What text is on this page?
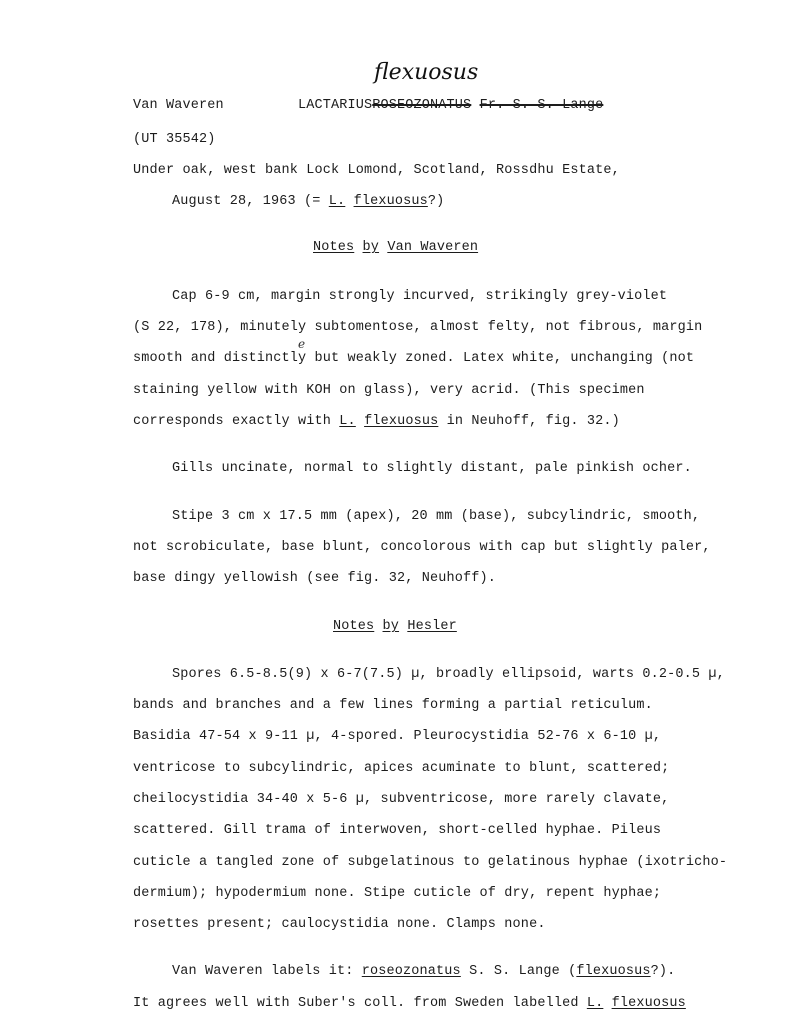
flexuosus
Van Waveren	LACTARIUSROSEOZONATUS Fr. S. S. Lange
(UT 35542)
Under oak, west bank Lock Lomond, Scotland, Rossdhu Estate,
August 28, 1963 (= L. flexuosus?)
Notes by Van Waveren
Cap 6-9 cm, margin strongly incurved, strikingly grey-violet
(S 22, 178), minutely subtomentose, almost felty, not fibrous, margin
e
smooth and distinctly but weakly zoned. Latex white, unchanging (not
staining yellow with KOH on glass), very acrid. (This specimen
corresponds exactly with L. flexuosus in Neuhoff, fig. 32.)
Gills uncinate, normal to slightly distant, pale pinkish ocher.
Stipe 3 cm x 17.5 mm (apex), 20 mm (base), subcylindric, smooth,
not scrobiculate, base blunt, concolorous with cap but slightly paler,
base dingy yellowish (see fig. 32, Neuhoff).
Notes by Hesler
Spores 6.5-8.5(9) x 6-7(7.5) µ, broadly ellipsoid, warts 0.2-0.5 µ,
bands and branches and a few lines forming a partial reticulum.
Basidia 47-54 x 9-11 µ, 4-spored. Pleurocystidia 52-76 x 6-10 µ,
ventricose to subcylindric, apices acuminate to blunt, scattered;
cheilocystidia 34-40 x 5-6 µ, subventricose, more rarely clavate,
scattered. Gill trama of interwoven, short-celled hyphae. Pileus
cuticle a tangled zone of subgelatinous to gelatinous hyphae (ixotricho-
dermium); hypodermium none. Stipe cuticle of dry, repent hyphae;
rosettes present; caulocystidia none. Clamps none.
Van Waveren labels it: roseozonatus S. S. Lange (flexuosus?).
It agrees well with Suber's coll. from Sweden labelled L. flexuosus
